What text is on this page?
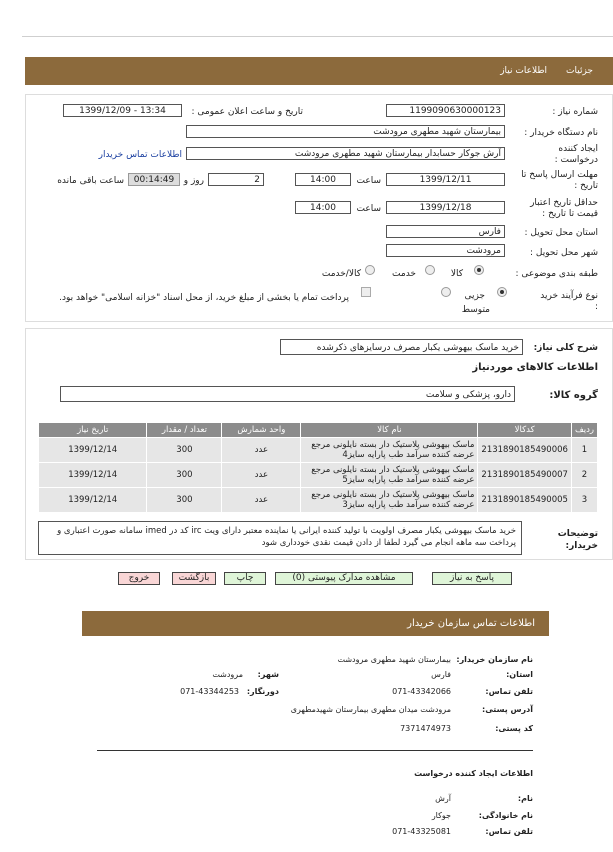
جزئیات
اطلاعات نیاز
شماره نیاز :
1199090630000123
تاریخ و ساعت اعلان عمومی :
1399/12/09 - 13:34
نام دستگاه خریدار :
بیمارستان شهید مطهری مرودشت
ایجاد کننده درخواست :
آرش جوکار حسابدار بیمارستان شهید مطهری مرودشت
اطلاعات تماس خریدار
مهلت ارسال پاسخ تا تاریخ :
1399/12/11
ساعت
14:00
2
روز و
00:14:49
ساعت باقی مانده
حداقل تاریخ اعتبار قیمت تا تاریخ :
1399/12/18
ساعت
14:00
استان محل تحویل :
فارس
شهر محل تحویل :
مرودشت
طبقه بندی موضوعی :
کالا
خدمت
کالا/خدمت
نوع فرآیند خرید :
جزیی
متوسط
پرداخت تمام یا بخشی از مبلغ خرید، از محل اسناد "خزانه اسلامی" خواهد بود.
شرح کلی نیاز:
خرید ماسک بیهوشی یکبار مصرف درسایزهای ذکرشده
اطلاعات کالاهای موردنیاز
گروه کالا:
دارو، پزشکی و سلامت
ردیف	کدکالا	نام کالا	واحد شمارش	تعداد / مقدار	تاریخ نیاز
1	2131890185490006	ماسک بیهوشی پلاستیک دار بسته نایلونی مرجع عرضه کننده سرآمد طب پارایه سایز4	عدد	300	1399/12/14
2	2131890185490007	ماسک بیهوشی پلاستیک دار بسته نایلونی مرجع عرضه کننده سرآمد طب پارایه سایز5	عدد	300	1399/12/14
3	2131890185490005	ماسک بیهوشی پلاستیک دار بسته نایلونی مرجع عرضه کننده سرآمد طب پارایه سایز3	عدد	300	1399/12/14
توضیحات خریدار:
خرید ماسک بیهوشی یکبار مصرف اولویت با تولید کننده ایرانی یا نماینده معتبر دارای ویت irc کد در imed سامانه صورت اعتباری و پرداخت سه ماهه انجام می گیرد لطفا از دادن قیمت نقدی خودداری شود
پاسخ به نیاز
مشاهده مدارک پیوستی (0)
چاپ
بازگشت
خروج
اطلاعات تماس سازمان خریدار
نام سازمان خریدار:
بیمارستان شهید مطهری مرودشت
استان:
فارس
شهر:
مرودشت
تلفن تماس:
071-43342066
دورنگار:
071-43344253
آدرس پستی:
مرودشت میدان مطهری بیمارستان شهیدمطهری
کد پستی:
7371474973
اطلاعات ایجاد کننده درخواست
نام:
آرش
نام خانوادگی:
جوکار
تلفن تماس:
071-43325081
